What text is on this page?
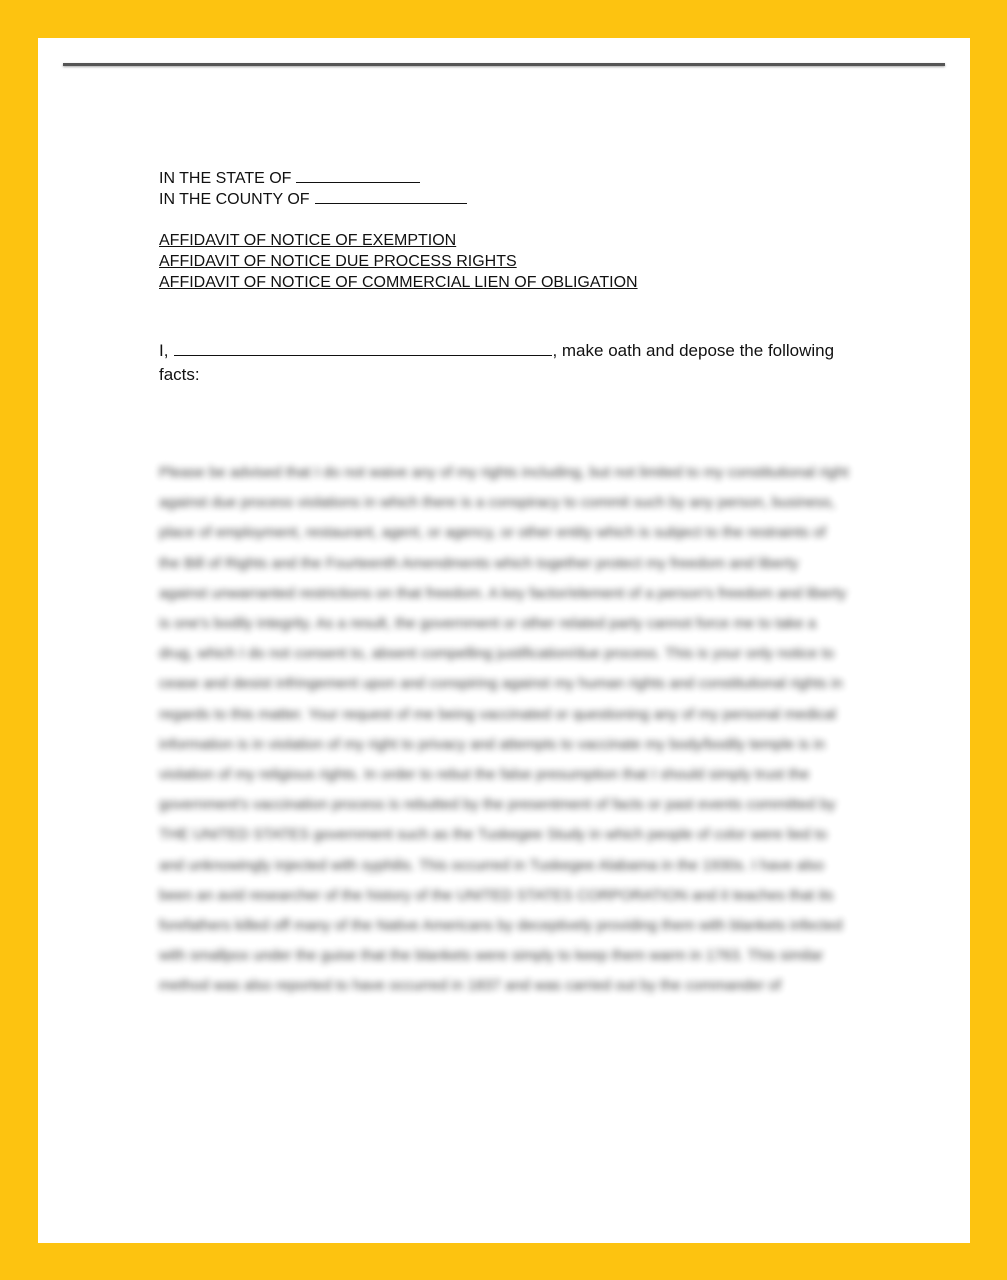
IN THE STATE OF
IN THE COUNTY OF
AFFIDAVIT OF NOTICE OF EXEMPTION
AFFIDAVIT OF NOTICE DUE PROCESS RIGHTS
AFFIDAVIT OF NOTICE OF COMMERCIAL LIEN OF OBLIGATION
I,	, make oath and depose the following
facts:
Please be advised that I do not waive any of my rights including, but not limited to my constitutional right against due process violations in which there is a conspiracy to commit such by any person, business, place of employment, restaurant, agent, or agency, or other entity which is subject to the restraints of the Bill of Rights and the Fourteenth Amendments which together protect my freedom and liberty against unwarranted restrictions on that freedom. A key factor/element of a person's freedom and liberty is one's bodily integrity. As a result, the government or other related party cannot force me to take a drug, which I do not consent to, absent compelling justification/due process. This is your only notice to cease and desist infringement upon and conspiring against my human rights and constitutional rights in regards to this matter. Your request of me being vaccinated or questioning any of my personal medical information is in violation of my right to privacy and attempts to vaccinate my body/bodily temple is in violation of my religious rights. In order to rebut the false presumption that I should simply trust the government's vaccination process is rebutted by the presentment of facts or past events committed by THE UNITED STATES government such as the Tuskegee Study in which people of color were lied to and unknowingly injected with syphilis. This occurred in Tuskegee Alabama in the 1930s. I have also been an avid researcher of the history of the UNITED STATES CORPORATION and it teaches that its forefathers killed off many of the Native Americans by deceptively providing them with blankets infected with smallpox under the guise that the blankets were simply to keep them warm in 1763. This similar method was also reported to have occurred in 1837 and was carried out by the commander of
